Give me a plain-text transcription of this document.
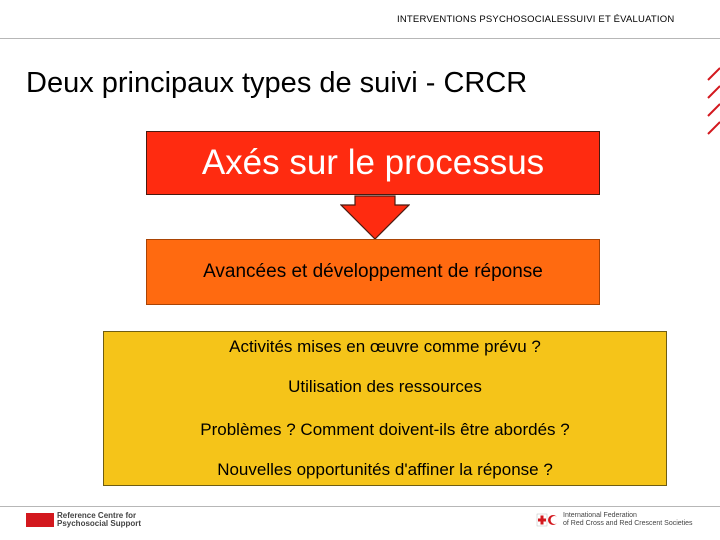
INTERVENTIONS PSYCHOSOCIALESSUIVI ET ÉVALUATION
Deux principaux types de suivi - CRCR
Axés sur le processus
Avancées et développement de réponse
Activités mises en œuvre comme prévu ?
Utilisation des ressources
Problèmes ? Comment doivent-ils être abordés ?
Nouvelles opportunités d'affiner la réponse ?
Reference Centre for
Psychosocial Support
International Federation
of Red Cross and Red Crescent Societies
